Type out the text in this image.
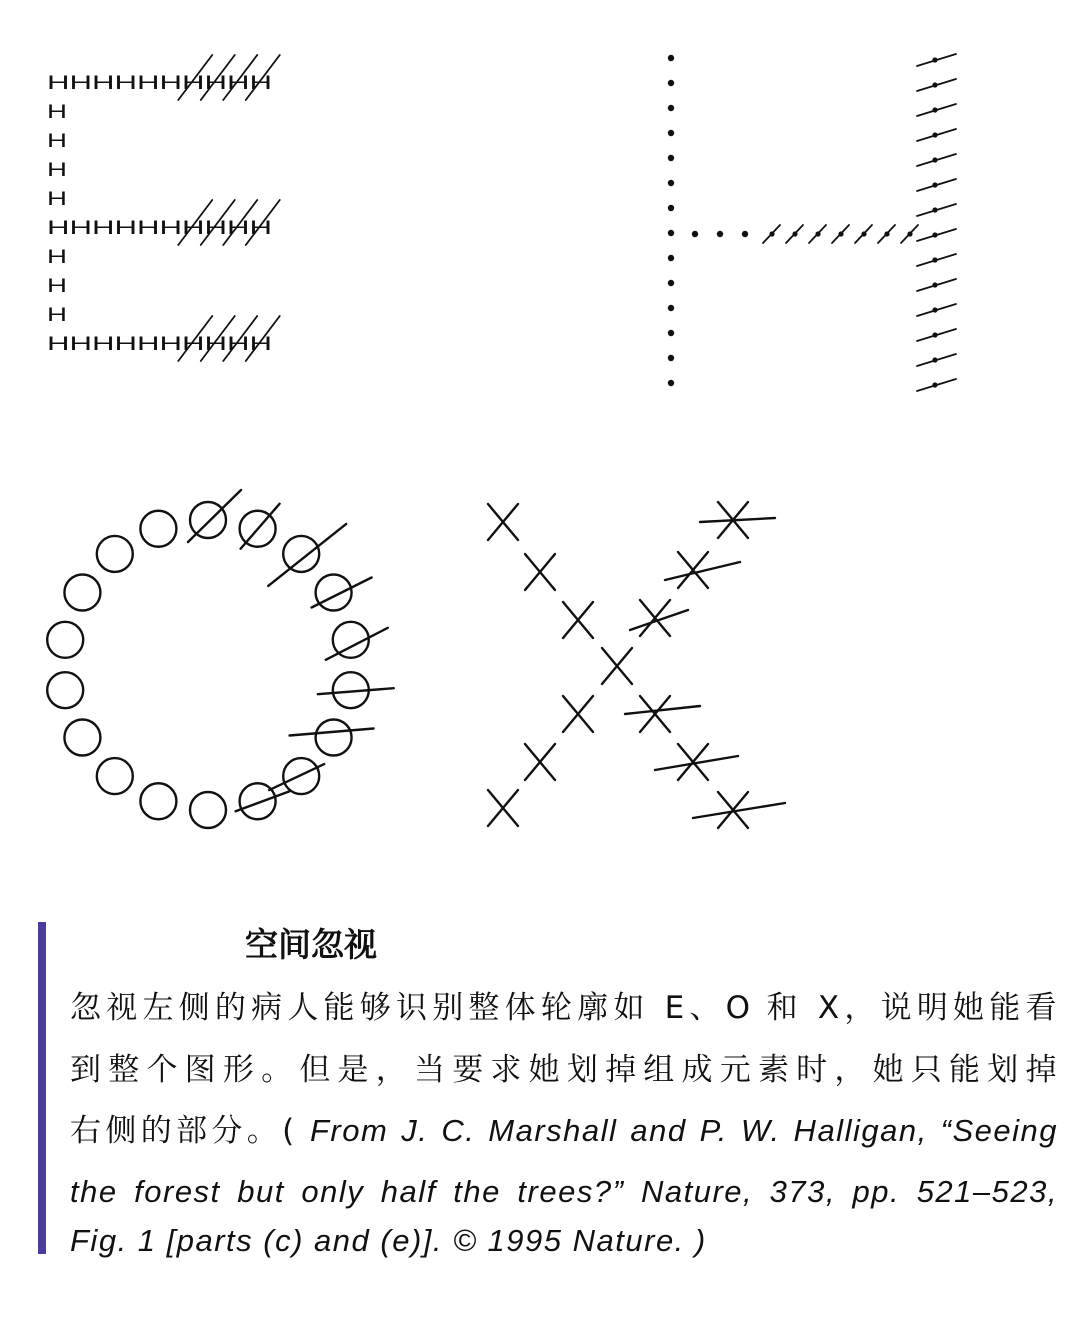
HHHHHHHHHH
H
H
H
H
HHHHHHHHHH
H
H
H
HHHHHHHHHH
空间忽视
忽视左侧的病人能够识别整体轮廓如 E、O 和 X，说明她能看
到整个图形。但是，当要求她划掉组成元素时，她只能划掉
右侧的部分。( From J. C. Marshall and P. W. Halligan, “Seeing
the forest but only half the trees?” Nature, 373, pp. 521–523,
Fig. 1 [parts (c) and (e)]. © 1995 Nature. )
